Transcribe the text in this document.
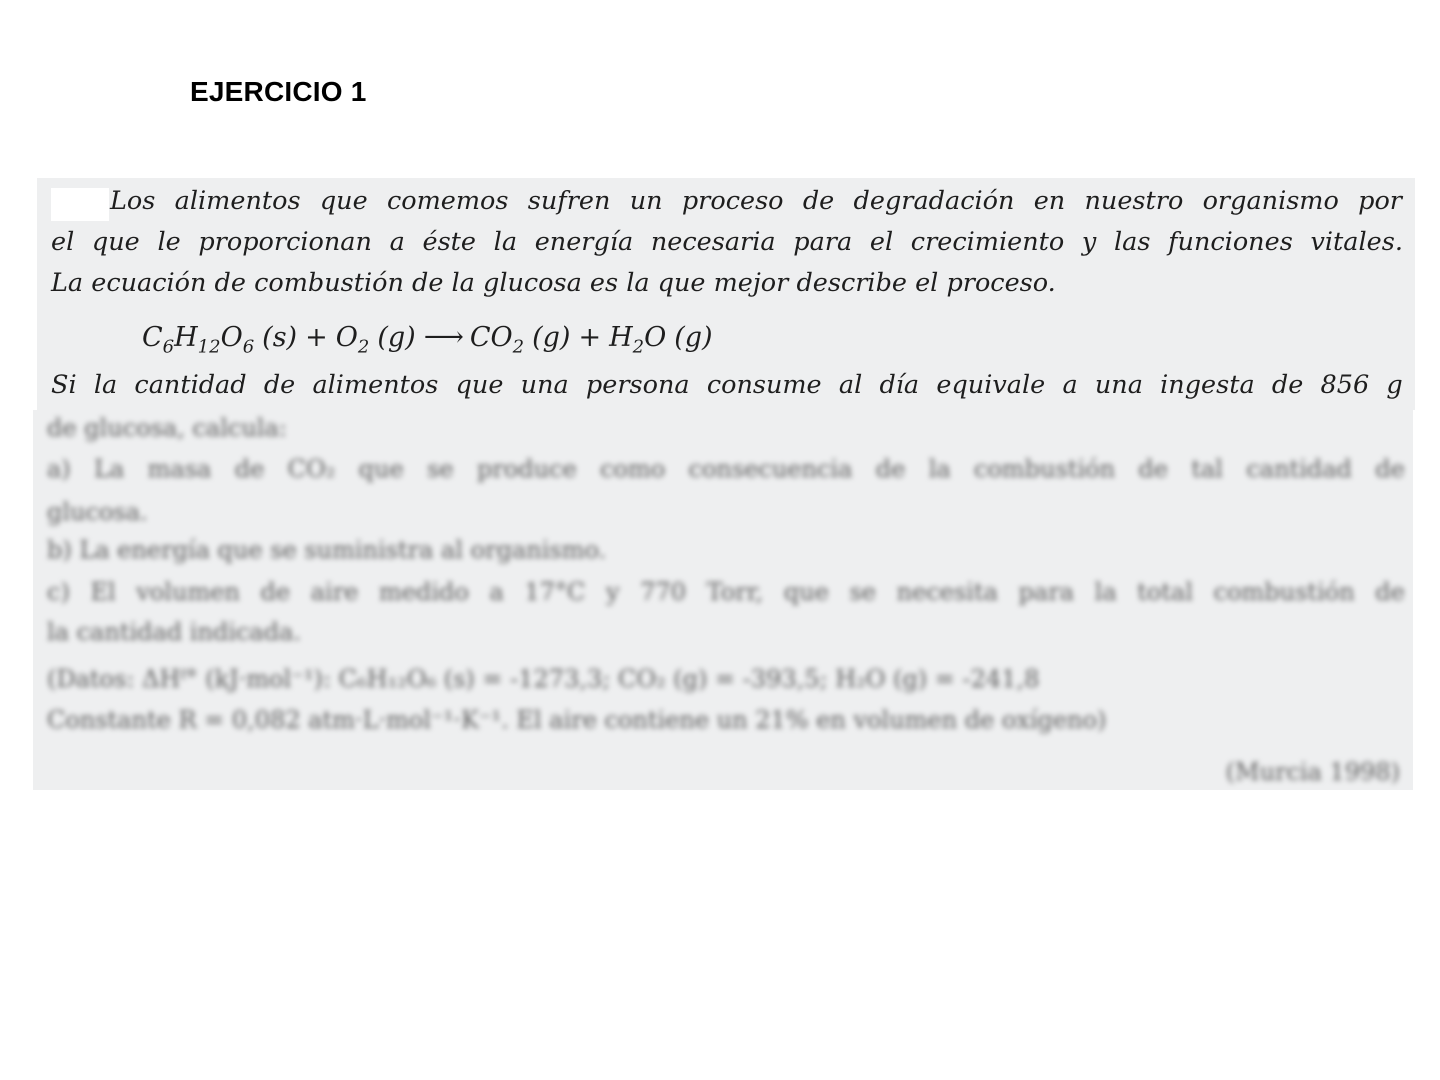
EJERCICIO 1
Los alimentos que comemos sufren un proceso de degradación en nuestro organismo por
el que le proporcionan a éste la energía necesaria para el crecimiento y las funciones vitales.
La ecuación de combustión de la glucosa es la que mejor describe el proceso.
$C_6H_{12}O_6$ $(s) + O_2$ (g) ⟶ $CO_2$ $(g) + H_2O$ (g)
Si la cantidad de alimentos que una persona consume al día equivale a una ingesta de 856 g
de glucosa, calcula:
a) La masa de CO₂ que se produce como consecuencia de la combustión de tal cantidad de
glucosa.
b) La energía que se suministra al organismo.
c) El volumen de aire medido a 17°C y 770 Torr, que se necesita para la total combustión de
la cantidad indicada.
(Datos: ΔHᶠ° (kJ·mol⁻¹): C₆H₁₂O₆ (s) = -1273,3; CO₂ (g) = -393,5; H₂O (g) = -241,8
Constante R = 0,082 atm·L·mol⁻¹·K⁻¹. El aire contiene un 21% en volumen de oxígeno)
(Murcia 1998)
